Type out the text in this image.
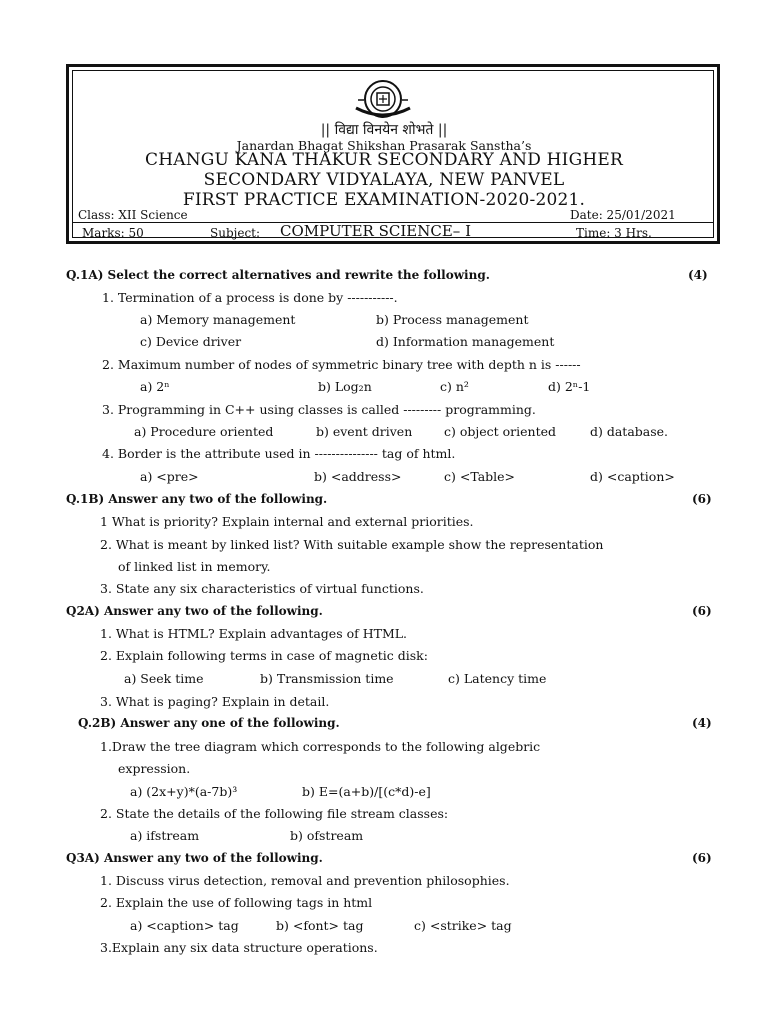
|| विद्या विनयेन शोभते ||
Janardan Bhagat Shikshan Prasarak Sanstha’s
CHANGU KANA THAKUR SECONDARY AND HIGHER
SECONDARY VIDYALAYA, NEW PANVEL
FIRST PRACTICE EXAMINATION-2020-2021.
Class: XII Science	Date: 25/01/2021
Marks: 50	Subject: COMPUTER SCIENCE– I	Time: 3 Hrs.
Q.1A) Select the correct alternatives and rewrite the following.	(4)
1. Termination of a process is done by -----------.
a) Memory management	b) Process management
c) Device driver	d) Information management
2. Maximum number of nodes of symmetric binary tree with depth n is ------
a) 2ⁿ	b) Log₂n	c) n²	d) 2ⁿ-1
3. Programming in C++ using classes is called --------- programming.
a) Procedure oriented	b) event driven	c) object oriented	d) database.
4. Border is the attribute used in --------------- tag of html.
a) <pre>	b) <address>	c) <Table>	d) <caption>
Q.1B) Answer any two of the following.	(6)
1 What is priority? Explain internal and external priorities.
2. What is meant by linked list? With suitable example show the representation
of linked list in memory.
3. State any six characteristics of virtual functions.
Q2A) Answer any two of the following.	(6)
1. What is HTML? Explain advantages of HTML.
2. Explain following terms in case of magnetic disk:
a) Seek time	b) Transmission time	c) Latency time
3. What is paging? Explain in detail.
Q.2B) Answer any one of the following.	(4)
1.Draw the tree diagram which corresponds to the following algebric
expression.
a) (2x+y)*(a-7b)³	b) E=(a+b)/[(c*d)-e]
2. State the details of the following file stream classes:
a) ifstream	b) ofstream
Q3A) Answer any two of the following.	(6)
1. Discuss virus detection, removal and prevention philosophies.
2. Explain the use of following tags in html
a) <caption> tag	b) <font> tag	c) <strike> tag
3.Explain any six data structure operations.
